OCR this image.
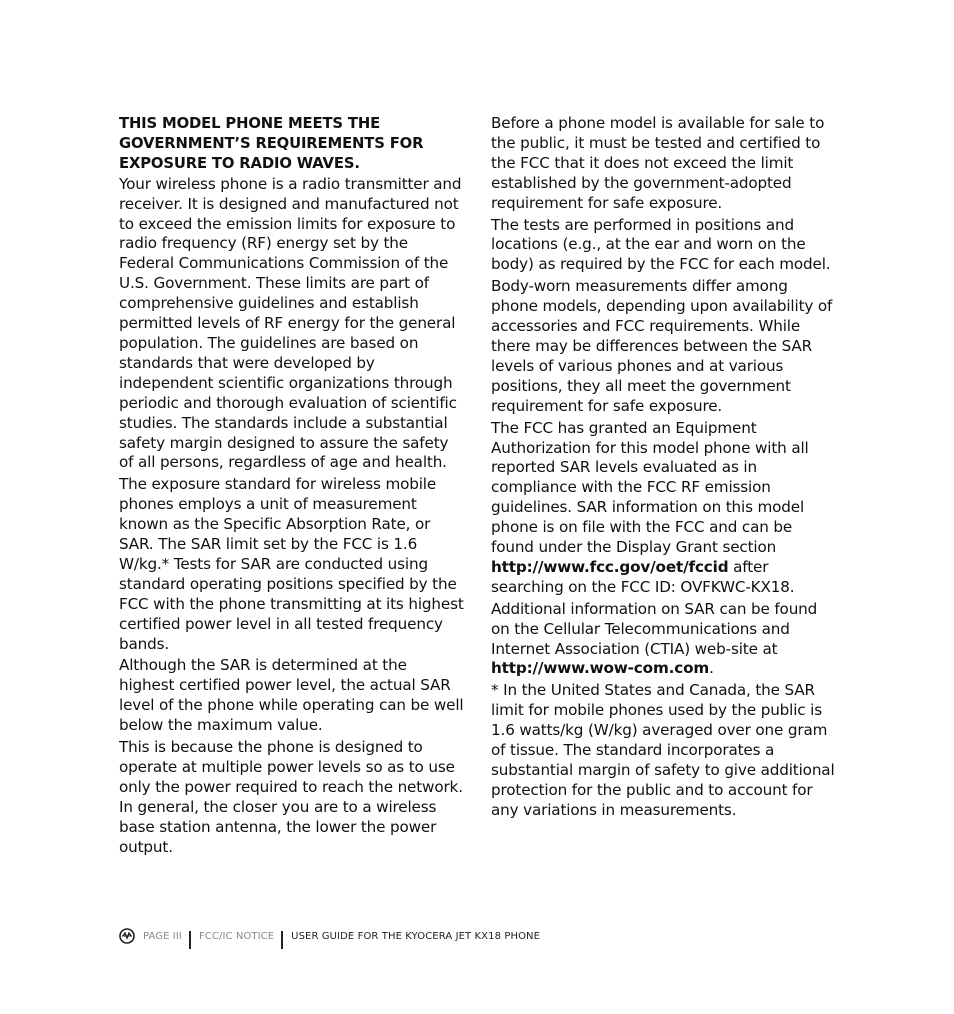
THIS MODEL PHONE MEETS THE GOVERNMENT’S REQUIREMENTS FOR EXPOSURE TO RADIO WAVES.

Your wireless phone is a radio transmitter and receiver. It is designed and manufactured not to exceed the emission limits for exposure to radio frequency (RF) energy set by the Federal Communications Commission of the U.S. Government. These limits are part of comprehensive guidelines and establish permitted levels of RF energy for the general population. The guidelines are based on standards that were developed by independent scientific organizations through periodic and thorough evaluation of scientific studies. The standards include a substantial safety margin designed to assure the safety of all persons, regardless of age and health.

The exposure standard for wireless mobile phones employs a unit of measurement known as the Specific Absorption Rate, or SAR. The SAR limit set by the FCC is 1.6 W/kg.* Tests for SAR are conducted using standard operating positions specified by the FCC with the phone transmitting at its highest certified power level in all tested frequency bands.

Although the SAR is determined at the highest certified power level, the actual SAR level of the phone while operating can be well below the maximum value.

This is because the phone is designed to operate at multiple power levels so as to use only the power required to reach the network. In general, the closer you are to a wireless base station antenna, the lower the power output.

Before a phone model is available for sale to the public, it must be tested and certified to the FCC that it does not exceed the limit established by the government-adopted requirement for safe exposure.

The tests are performed in positions and locations (e.g., at the ear and worn on the body) as required by the FCC for each model.

Body-worn measurements differ among phone models, depending upon availability of accessories and FCC requirements. While there may be differences between the SAR levels of various phones and at various positions, they all meet the government requirement for safe exposure.

The FCC has granted an Equipment Authorization for this model phone with all reported SAR levels evaluated as in compliance with the FCC RF emission guidelines. SAR information on this model phone is on file with the FCC and can be found under the Display Grant section http://www.fcc.gov/oet/fccid after searching on the FCC ID: OVFKWC-KX18.

Additional information on SAR can be found on the Cellular Telecommunications and Internet Association (CTIA) web-site at http://www.wow-com.com.

* In the United States and Canada, the SAR limit for mobile phones used by the public is 1.6 watts/kg (W/kg) averaged over one gram of tissue. The standard incorporates a substantial margin of safety to give additional protection for the public and to account for any variations in measurements.

PAGE III FCC/IC NOTICE USER GUIDE FOR THE KYOCERA JET KX18 PHONE
